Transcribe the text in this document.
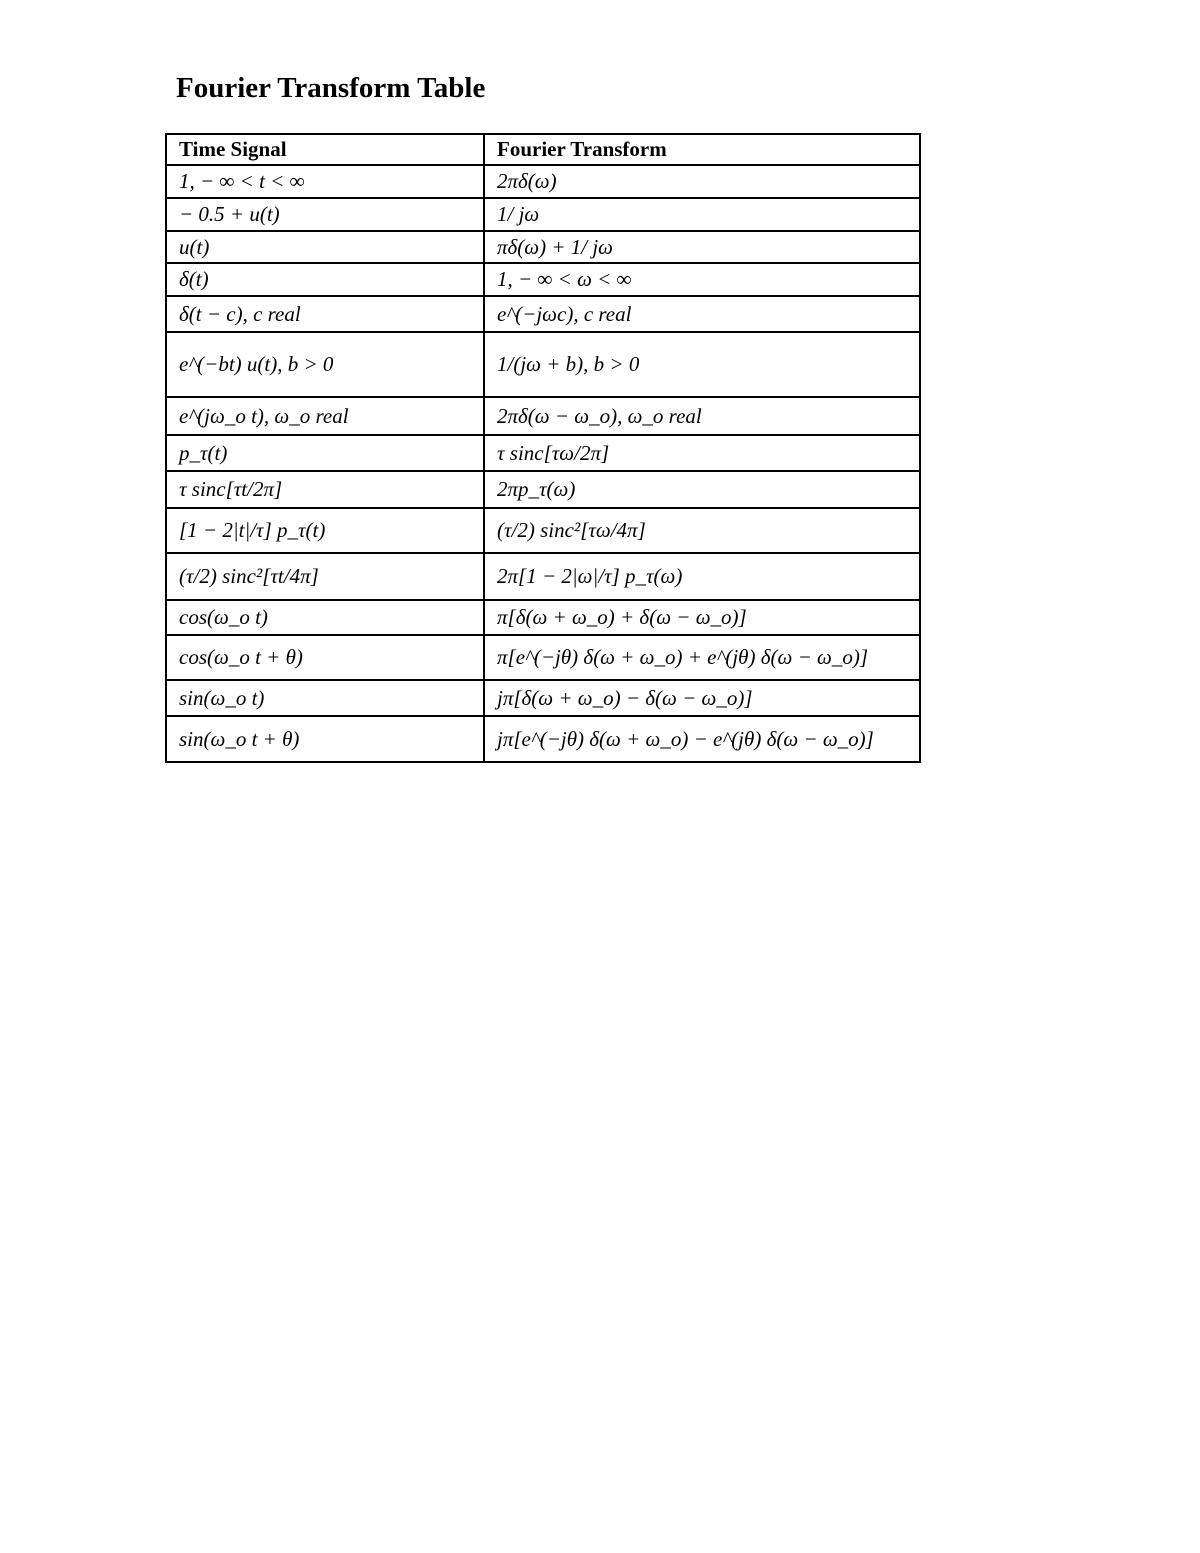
Fourier Transform Table
Time Signal	Fourier Transform
1, − ∞ < t < ∞	2πδ(ω)
− 0.5 + u(t)	1/ jω
u(t)	πδ(ω) + 1/ jω
δ(t)	1, − ∞ < ω < ∞
δ(t − c), c real	e^(−jωc), c real
e^(−bt) u(t), b > 0	1/(jω + b), b > 0
e^(jω_o t), ω_o real	2πδ(ω − ω_o), ω_o real
p_τ(t)	τ sinc[τω/2π]
τ sinc[τt/2π]	2πp_τ(ω)
[1 − 2|t|/τ] p_τ(t)	(τ/2) sinc²[τω/4π]
(τ/2) sinc²[τt/4π]	2π[1 − 2|ω|/τ] p_τ(ω)
cos(ω_o t)	π[δ(ω + ω_o) + δ(ω − ω_o)]
cos(ω_o t + θ)	π[e^(−jθ) δ(ω + ω_o) + e^(jθ) δ(ω − ω_o)]
sin(ω_o t)	jπ[δ(ω + ω_o) − δ(ω − ω_o)]
sin(ω_o t + θ)	jπ[e^(−jθ) δ(ω + ω_o) − e^(jθ) δ(ω − ω_o)]
